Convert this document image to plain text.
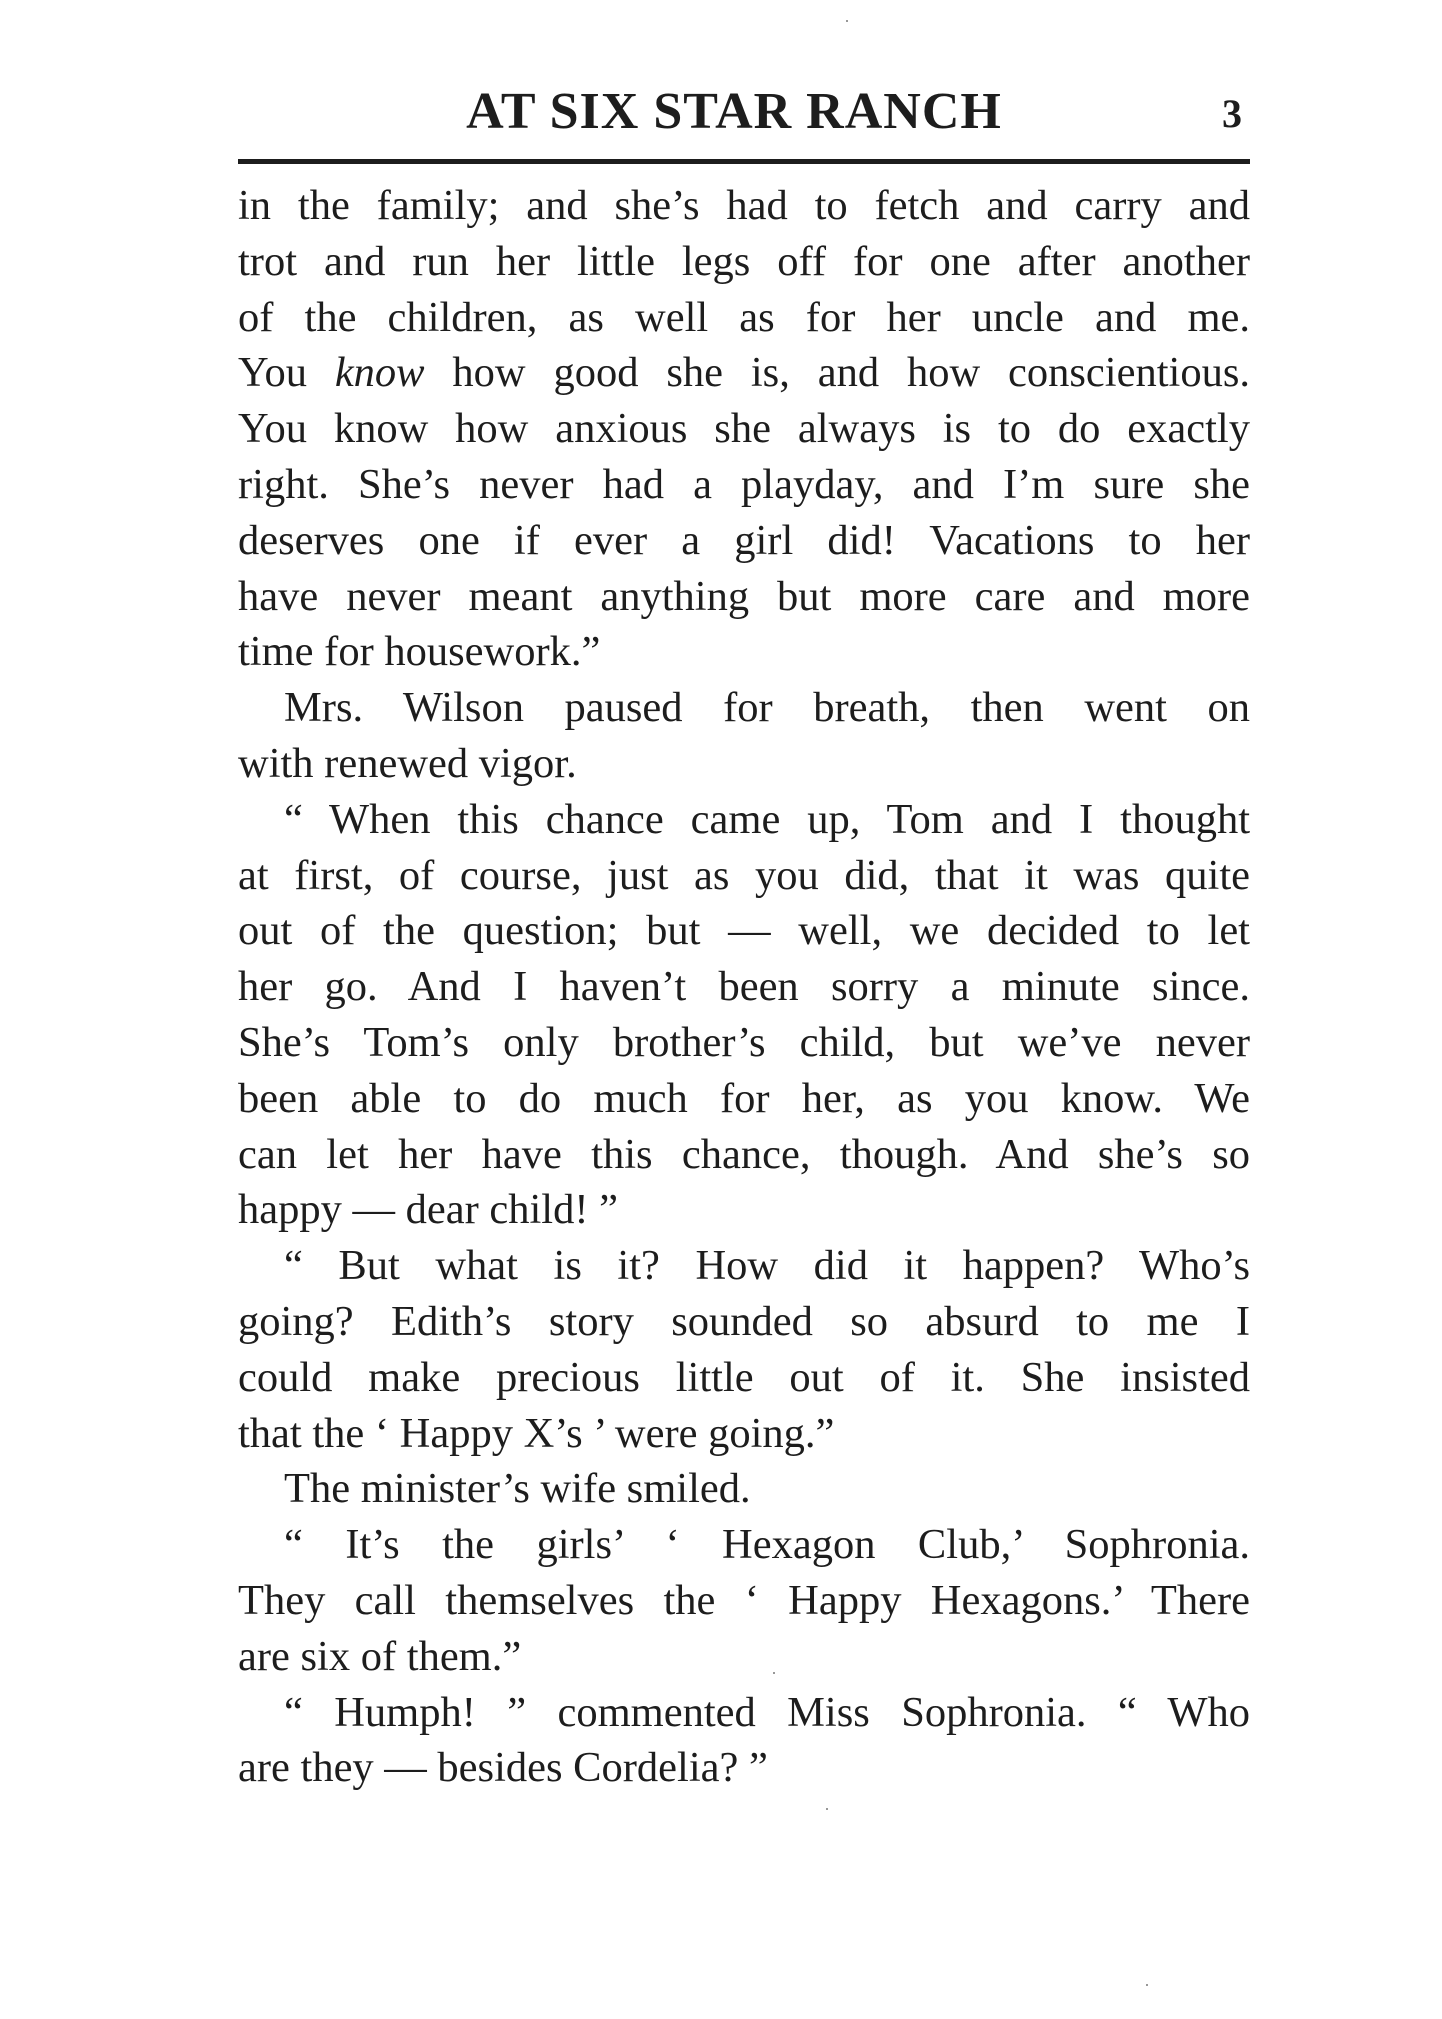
AT SIX STAR RANCH	3

in the family; and she’s had to fetch and carry and

trot and run her little legs off for one after another

of the children, as well as for her uncle and me.

You know how good she is, and how conscientious.

You know how anxious she always is to do exactly

right. She’s never had a playday, and I’m sure she

deserves one if ever a girl did! Vacations to her

have never meant anything but more care and more

time for housework.”

Mrs. Wilson paused for breath, then went on

with renewed vigor.

“ When this chance came up, Tom and I thought

at first, of course, just as you did, that it was quite

out of the question; but — well, we decided to let

her go. And I haven’t been sorry a minute since.

She’s Tom’s only brother’s child, but we’ve never

been able to do much for her, as you know. We

can let her have this chance, though. And she’s so

happy — dear child! ”

“ But what is it? How did it happen? Who’s

going? Edith’s story sounded so absurd to me I

could make precious little out of it. She insisted

that the ‘ Happy X’s ’ were going.”

The minister’s wife smiled.

“ It’s the girls’ ‘ Hexagon Club,’ Sophronia.

They call themselves the ‘ Happy Hexagons.’ There

are six of them.”

“ Humph! ” commented Miss Sophronia. “ Who

are they — besides Cordelia? ”
